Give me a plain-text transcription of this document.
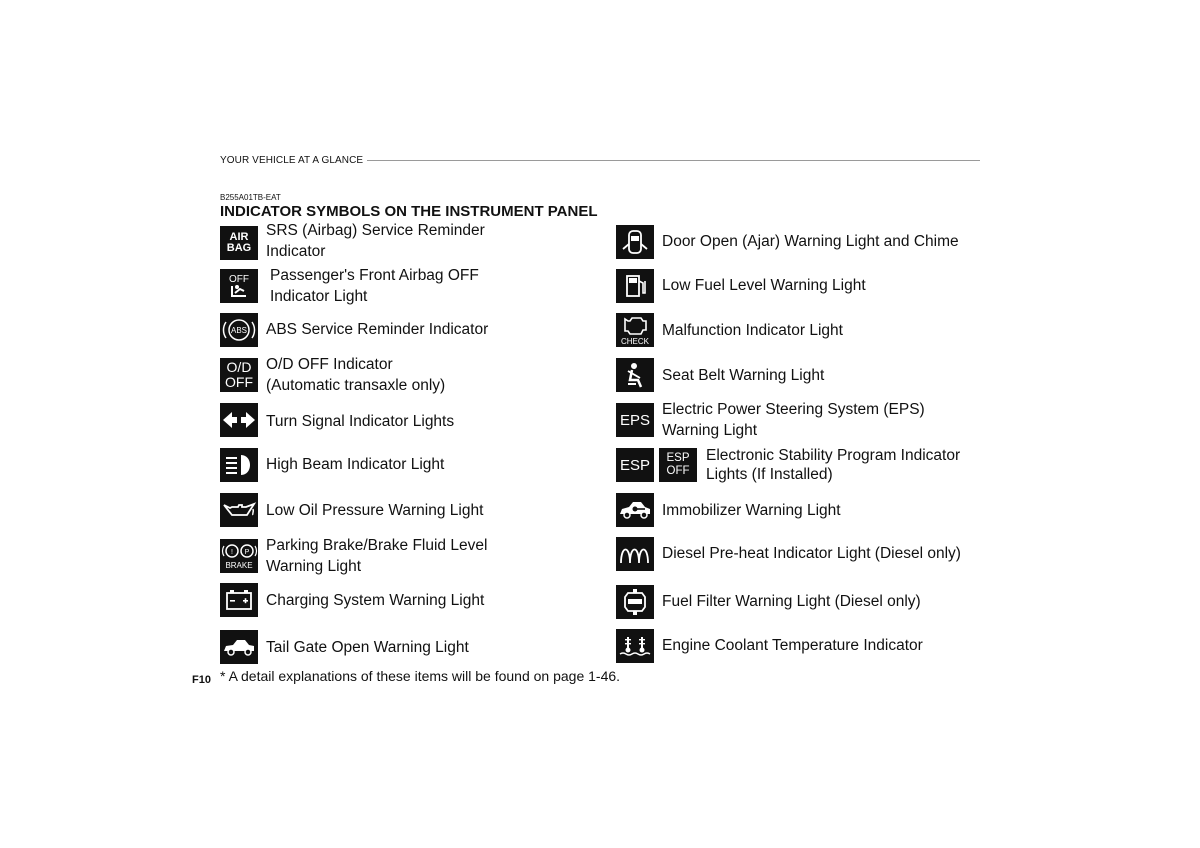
YOUR VEHICLE AT A GLANCE
B255A01TB-EAT
INDICATOR SYMBOLS ON THE INSTRUMENT PANEL
AIR
BAG
SRS (Airbag) Service Reminder
Indicator
OFF Passenger's Front Airbag OFF
Indicator Light
ABS ABS Service Reminder Indicator
O/D
OFF
O/D OFF Indicator
(Automatic transaxle only)
Turn Signal Indicator Lights
High Beam Indicator Light
Low Oil Pressure Warning Light
! P
BRAKE
Parking Brake/Brake Fluid Level
Warning Light
Charging System Warning Light
Tail Gate Open Warning Light
Door Open (Ajar) Warning Light and Chime
Low Fuel Level Warning Light
CHECK
Malfunction Indicator Light
Seat Belt Warning Light
EPS
Electric Power Steering System (EPS)
Warning Light
ESP	ESP
OFF
Electronic Stability Program Indicator
Lights (If Installed)
Immobilizer Warning Light
Diesel Pre-heat Indicator Light (Diesel only)
Fuel Filter Warning Light (Diesel only)
Engine Coolant Temperature Indicator
F10 * A detail explanations of these items will be found on page 1-46.
